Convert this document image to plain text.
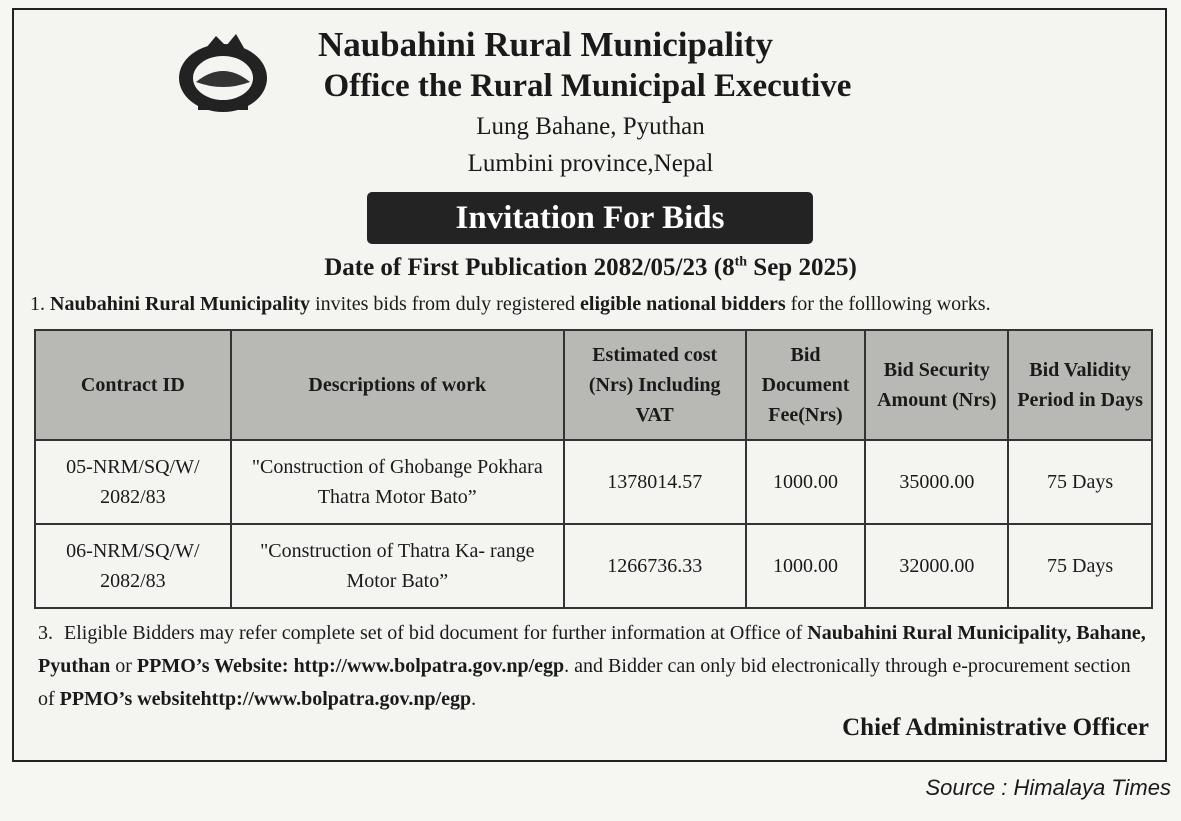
Naubahini Rural Municipality
Office the Rural Municipal Executive
Lung Bahane, Pyuthan
Lumbini province,Nepal
Invitation For Bids
Date of First Publication 2082/05/23 (8th Sep 2025)
1. Naubahini Rural Municipality invites bids from duly registered eligible national bidders for the folllowing works.
Contract ID	Descriptions of work	Estimated cost (Nrs) Including VAT	Bid Document Fee(Nrs)	Bid Security Amount (Nrs)	Bid Validity Period in Days
05-NRM/SQ/W/ 2082/83	"Construction of Ghobange Pokhara Thatra Motor Bato”	1378014.57	1000.00	35000.00	75 Days
06-NRM/SQ/W/ 2082/83	"Construction of Thatra Ka- range Motor Bato”	1266736.33	1000.00	32000.00	75 Days
3. Eligible Bidders may refer complete set of bid document for further information at Office of Naubahini Rural Municipality, Bahane, Pyuthan or PPMO’s Website: http://www.bolpatra.gov.np/egp. and Bidder can only bid electronically through e-procurement section of PPMO’s websitehttp://www.bolpatra.gov.np/egp.
Chief Administrative Officer
Source : Himalaya Times
